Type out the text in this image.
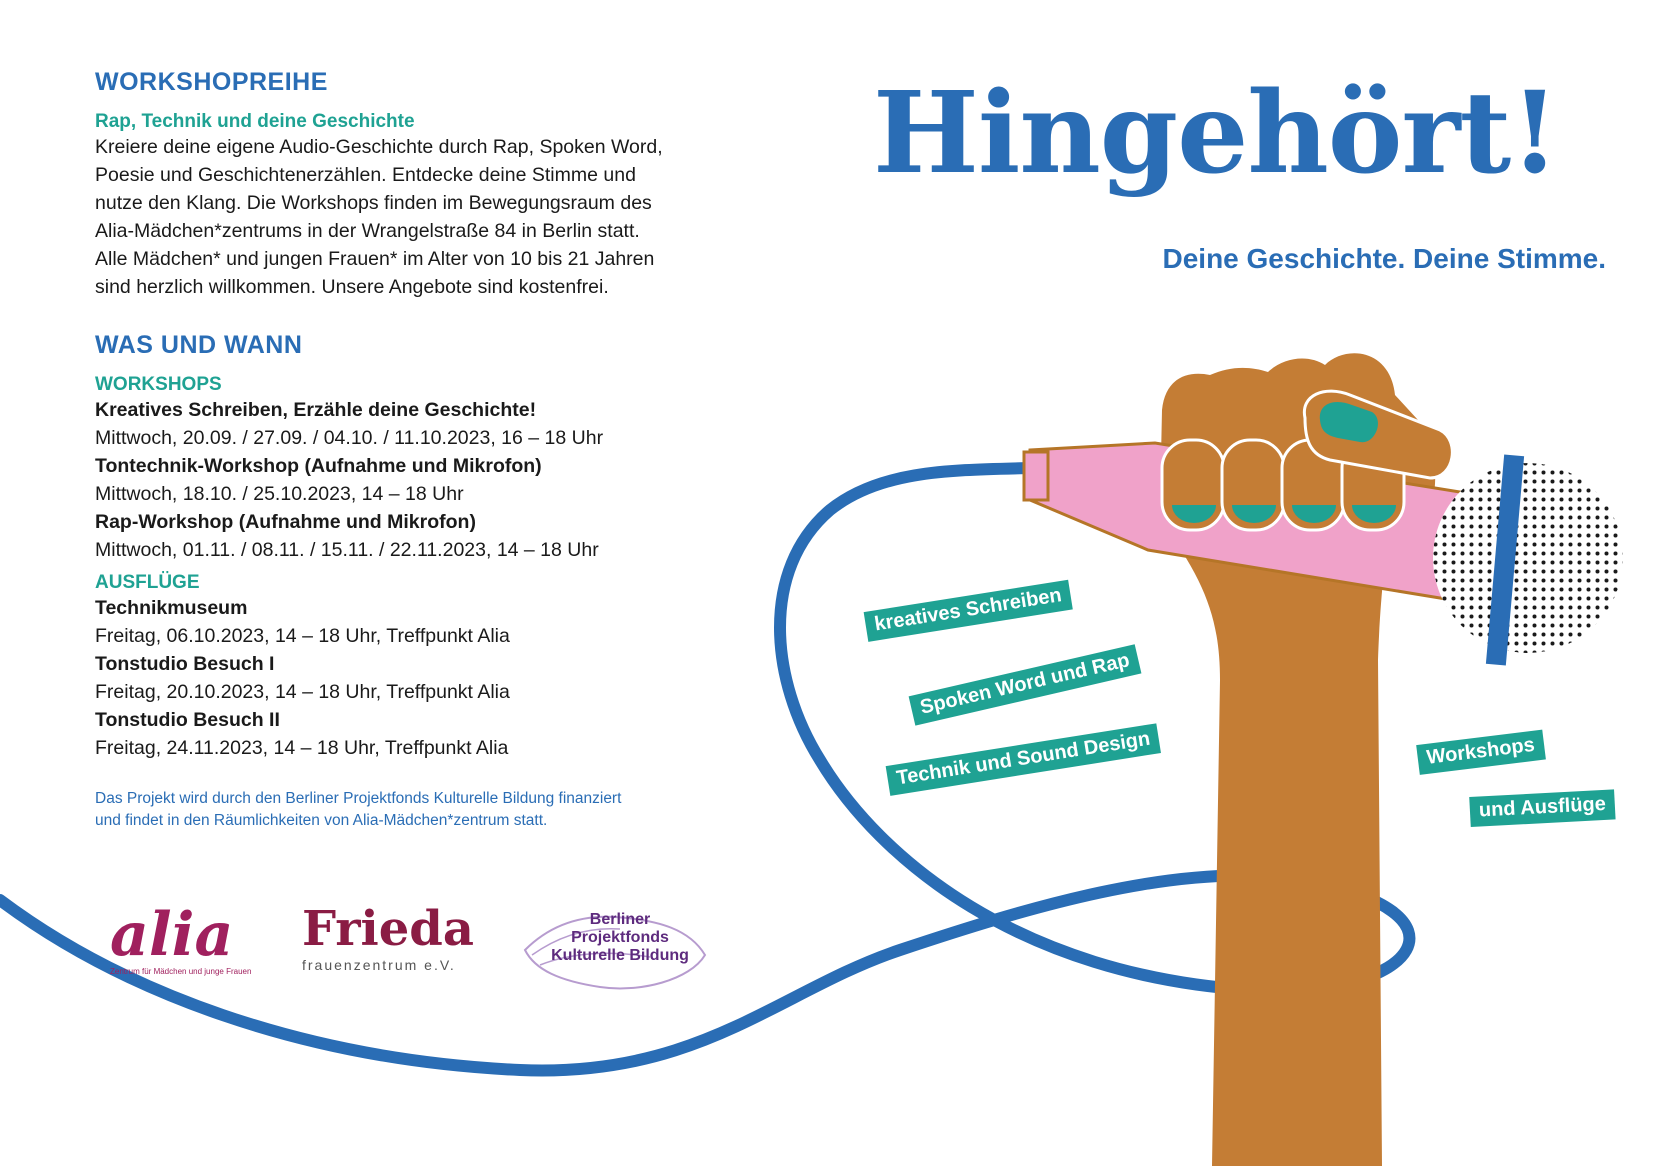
WORKSHOPREIHE
Rap, Technik und deine Geschichte
Kreiere deine eigene Audio-Geschichte durch Rap, Spoken Word,
Poesie und Geschichtenerzählen. Entdecke deine Stimme und
nutze den Klang. Die Workshops finden im Bewegungsraum des
Alia-Mädchen*zentrums in der Wrangelstraße 84 in Berlin statt.
Alle Mädchen* und jungen Frauen* im Alter von 10 bis 21 Jahren
sind herzlich willkommen. Unsere Angebote sind kostenfrei.
WAS UND WANN
WORKSHOPS
Kreatives Schreiben, Erzähle deine Geschichte!
Mittwoch, 20.09. / 27.09. / 04.10. / 11.10.2023, 16 – 18 Uhr
Tontechnik-Workshop (Aufnahme und Mikrofon)
Mittwoch, 18.10. / 25.10.2023, 14 – 18 Uhr
Rap-Workshop (Aufnahme und Mikrofon)
Mittwoch, 01.11. / 08.11. / 15.11. / 22.11.2023, 14 – 18 Uhr
AUSFLÜGE
Technikmuseum
Freitag, 06.10.2023, 14 – 18 Uhr, Treffpunkt Alia
Tonstudio Besuch I
Freitag, 20.10.2023, 14 – 18 Uhr, Treffpunkt Alia
Tonstudio Besuch II
Freitag, 24.11.2023, 14 – 18 Uhr, Treffpunkt Alia
Das Projekt wird durch den Berliner Projektfonds Kulturelle Bildung finanziert
und findet in den Räumlichkeiten von Alia-Mädchen*zentrum statt.
Hingehört!
Deine Geschichte. Deine Stimme.
kreatives Schreiben
Spoken Word und Rap
Technik und Sound Design	Workshops
und Ausflüge
alia
Zentrum für Mädchen und junge Frauen
Frieda
frauenzentrum e.V.
Berliner
Projektfonds
Kulturelle Bildung
